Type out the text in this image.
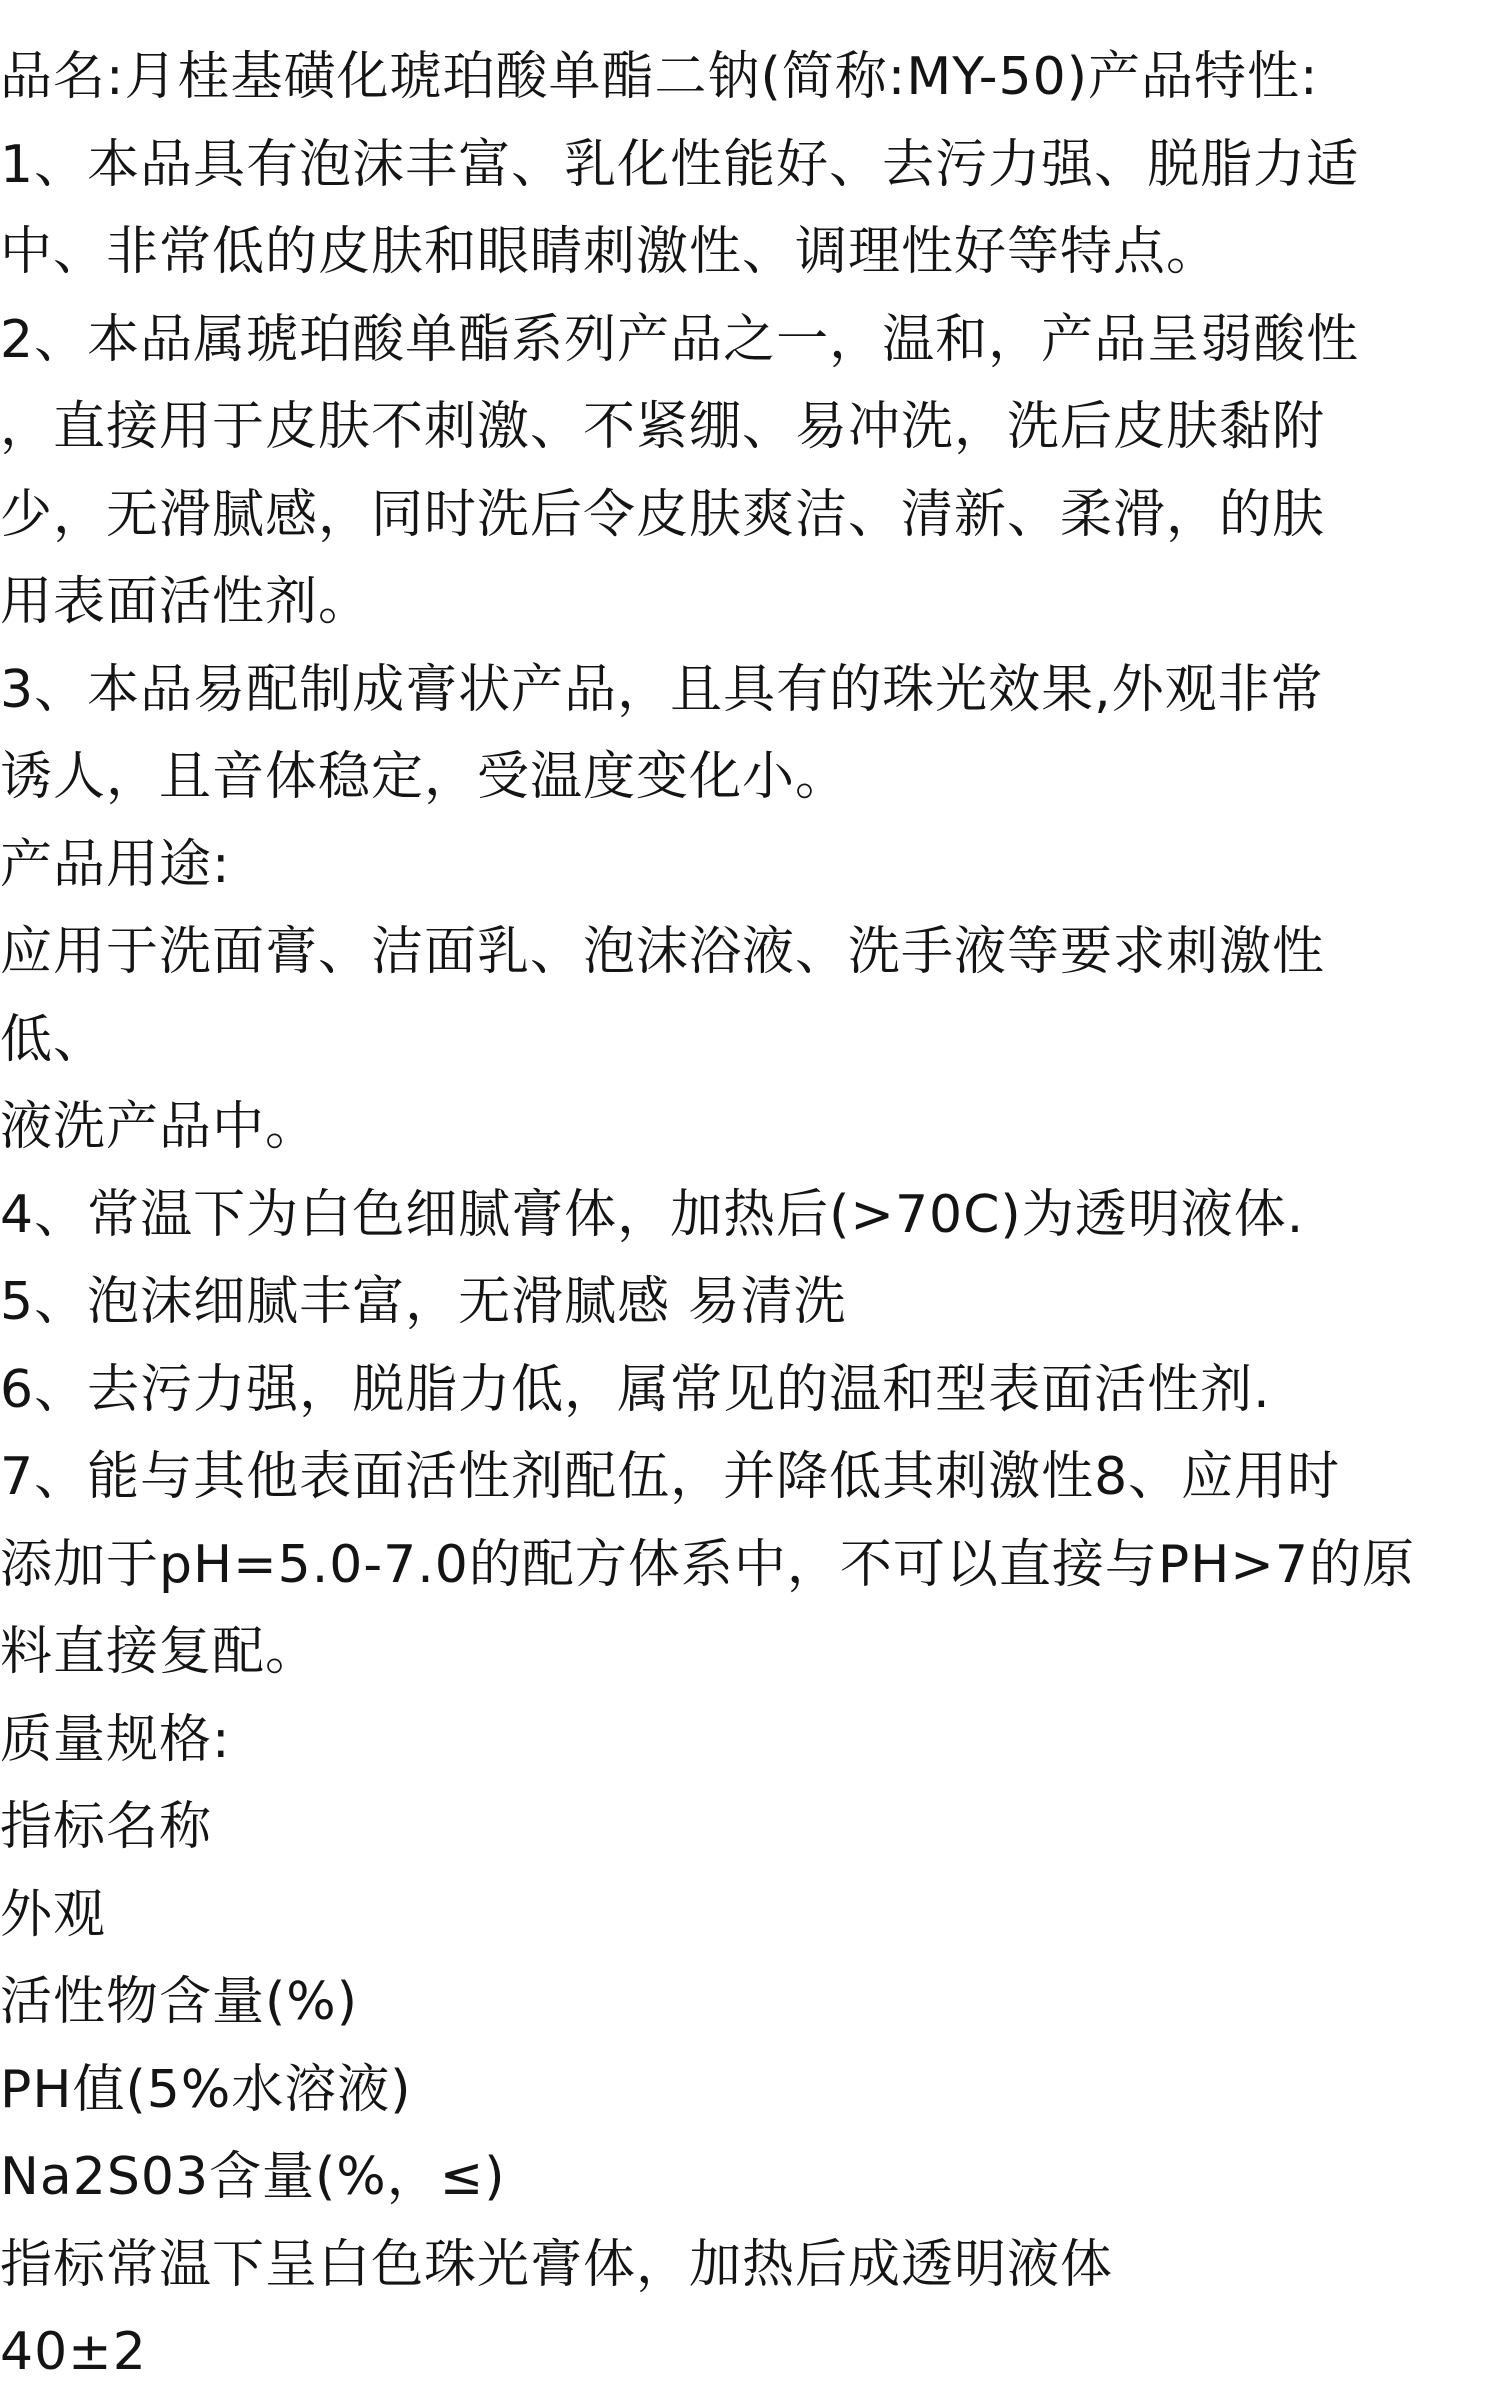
品名:月桂基磺化琥珀酸单酯二钠(简称:MY-50)产品特性:
1、本品具有泡沫丰富、乳化性能好、去污力强、脱脂力适
中、非常低的皮肤和眼睛刺激性、调理性好等特点。
2、本品属琥珀酸单酯系列产品之一，温和，产品呈弱酸性
，直接用于皮肤不刺激、不紧绷、易冲洗，洗后皮肤黏附
少，无滑腻感，同时洗后令皮肤爽洁、清新、柔滑，的肤
用表面活性剂。
3、本品易配制成膏状产品，且具有的珠光效果,外观非常
诱人，且音体稳定，受温度变化小。
产品用途:
应用于洗面膏、洁面乳、泡沫浴液、洗手液等要求刺激性
低、
液洗产品中。
4、常温下为白色细腻膏体，加热后(>70C)为透明液体.
5、泡沫细腻丰富，无滑腻感 易清洗
6、去污力强，脱脂力低，属常见的温和型表面活性剂.
7、能与其他表面活性剂配伍，并降低其刺激性8、应用时
添加于pH=5.0-7.0的配方体系中，不可以直接与PH>7的原
料直接复配。
质量规格:
指标名称
外观
活性物含量(%)
PH值(5%水溶液)
Na2S03含量(%，≤)
指标常温下呈白色珠光膏体，加热后成透明液体
40±2
